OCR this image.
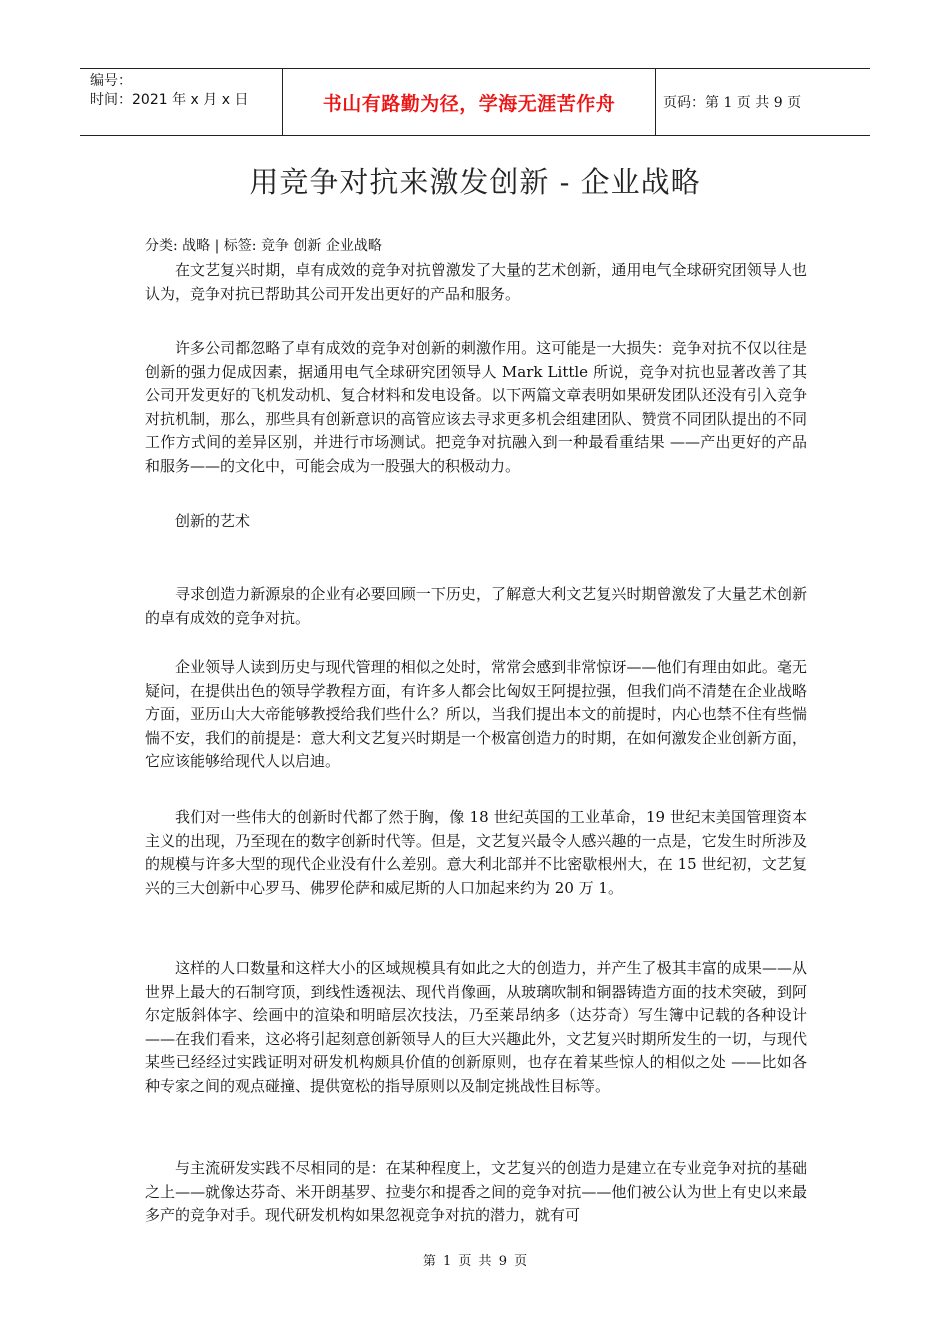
编号：
时间：2021 年 x 月 x 日	书山有路勤为径，学海无涯苦作舟	页码：第 1 页 共 9 页
用竞争对抗来激发创新 - 企业战略
分类: 战略 | 标签: 竞争 创新 企业战略

在文艺复兴时期，卓有成效的竞争对抗曾激发了大量的艺术创新，通用电气全球研究团领导人也认为，竞争对抗已帮助其公司开发出更好的产品和服务。

许多公司都忽略了卓有成效的竞争对创新的刺激作用。这可能是一大损失：竞争对抗不仅以往是创新的强力促成因素，据通用电气全球研究团领导人 Mark Little 所说，竞争对抗也显著改善了其公司开发更好的飞机发动机、复合材料和发电设备。以下两篇文章表明如果研发团队还没有引入竞争对抗机制，那么，那些具有创新意识的高管应该去寻求更多机会组建团队、赞赏不同团队提出的不同工作方式间的差异区别，并进行市场测试。把竞争对抗融入到一种最看重结果 ——产出更好的产品和服务——的文化中，可能会成为一股强大的积极动力。

创新的艺术

寻求创造力新源泉的企业有必要回顾一下历史，了解意大利文艺复兴时期曾激发了大量艺术创新的卓有成效的竞争对抗。

企业领导人读到历史与现代管理的相似之处时，常常会感到非常惊讶——他们有理由如此。毫无疑问，在提供出色的领导学教程方面，有许多人都会比匈奴王阿提拉强，但我们尚不清楚在企业战略方面，亚历山大大帝能够教授给我们些什么？所以，当我们提出本文的前提时，内心也禁不住有些惴惴不安，我们的前提是：意大利文艺复兴时期是一个极富创造力的时期，在如何激发企业创新方面，它应该能够给现代人以启迪。

我们对一些伟大的创新时代都了然于胸，像 18 世纪英国的工业革命，19 世纪末美国管理资本主义的出现，乃至现在的数字创新时代等。但是，文艺复兴最令人感兴趣的一点是，它发生时所涉及的规模与许多大型的现代企业没有什么差别。意大利北部并不比密歇根州大，在 15 世纪初，文艺复兴的三大创新中心罗马、佛罗伦萨和威尼斯的人口加起来约为 20 万 1。

这样的人口数量和这样大小的区域规模具有如此之大的创造力，并产生了极其丰富的成果——从世界上最大的石制穹顶，到线性透视法、现代肖像画，从玻璃吹制和铜器铸造方面的技术突破，到阿尔定版斜体字、绘画中的渲染和明暗层次技法，乃至莱昂纳多（达芬奇）写生簿中记载的各种设计——在我们看来，这必将引起刻意创新领导人的巨大兴趣此外，文艺复兴时期所发生的一切，与现代某些已经经过实践证明对研发机构颇具价值的创新原则，也存在着某些惊人的相似之处 ——比如各种专家之间的观点碰撞、提供宽松的指导原则以及制定挑战性目标等。

与主流研发实践不尽相同的是：在某种程度上，文艺复兴的创造力是建立在专业竞争对抗的基础之上——就像达芬奇、米开朗基罗、拉斐尔和提香之间的竞争对抗——他们被公认为世上有史以来最多产的竞争对手。现代研发机构如果忽视竞争对抗的潜力，就有可

第 1 页 共 9 页
